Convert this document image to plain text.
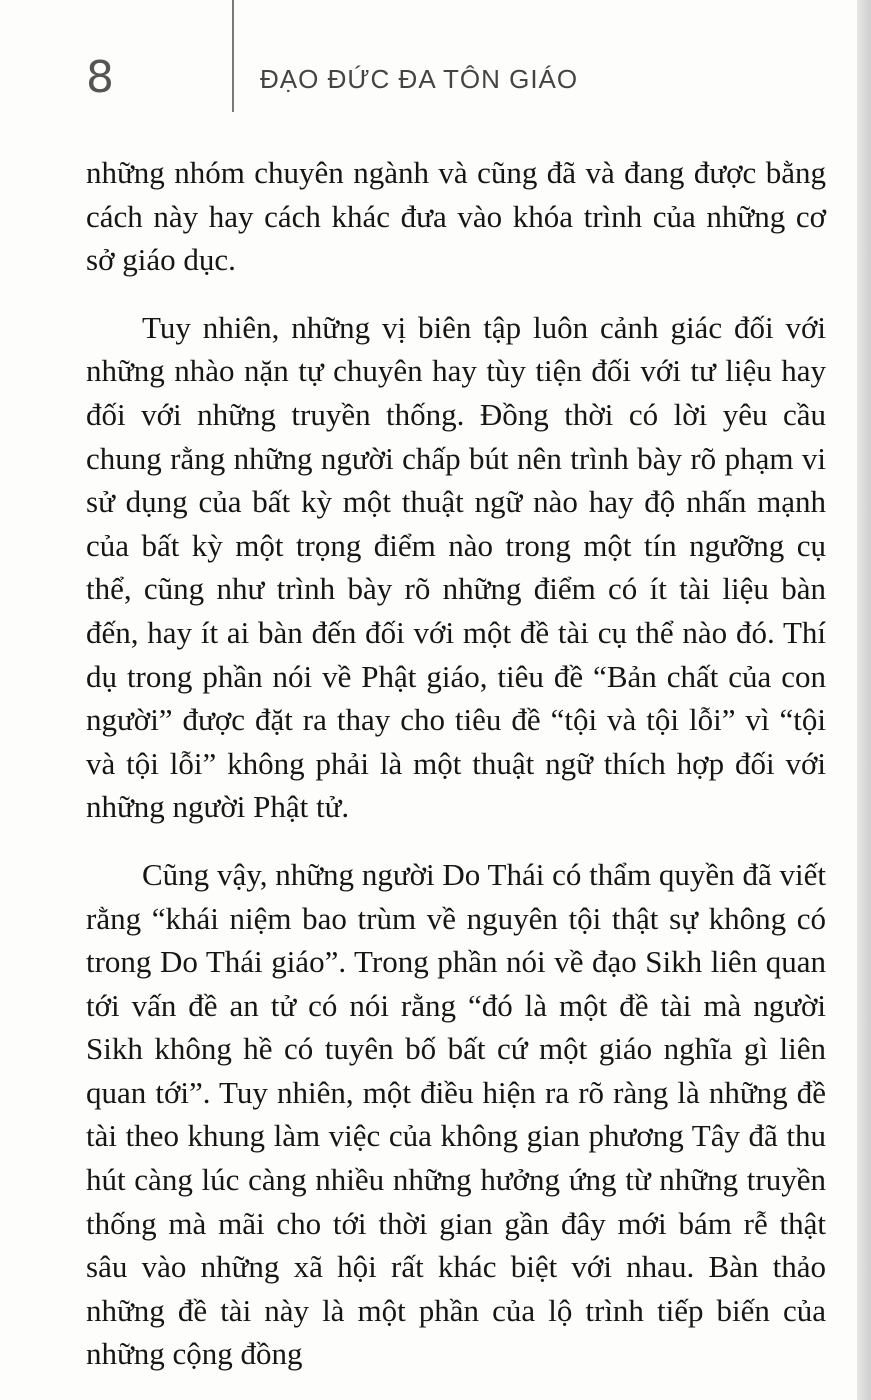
8	ĐẠO ĐỨC ĐA TÔN GIÁO

những nhóm chuyên ngành và cũng đã và đang được bằng cách này hay cách khác đưa vào khóa trình của những cơ sở giáo dục.

Tuy nhiên, những vị biên tập luôn cảnh giác đối với những nhào nặn tự chuyên hay tùy tiện đối với tư liệu hay đối với những truyền thống. Đồng thời có lời yêu cầu chung rằng những người chấp bút nên trình bày rõ phạm vi sử dụng của bất kỳ một thuật ngữ nào hay độ nhấn mạnh của bất kỳ một trọng điểm nào trong một tín ngưỡng cụ thể, cũng như trình bày rõ những điểm có ít tài liệu bàn đến, hay ít ai bàn đến đối với một đề tài cụ thể nào đó. Thí dụ trong phần nói về Phật giáo, tiêu đề “Bản chất của con người” được đặt ra thay cho tiêu đề “tội và tội lỗi” vì “tội và tội lỗi” không phải là một thuật ngữ thích hợp đối với những người Phật tử.

Cũng vậy, những người Do Thái có thẩm quyền đã viết rằng “khái niệm bao trùm về nguyên tội thật sự không có trong Do Thái giáo”. Trong phần nói về đạo Sikh liên quan tới vấn đề an tử có nói rằng “đó là một đề tài mà người Sikh không hề có tuyên bố bất cứ một giáo nghĩa gì liên quan tới”. Tuy nhiên, một điều hiện ra rõ ràng là những đề tài theo khung làm việc của không gian phương Tây đã thu hút càng lúc càng nhiều những hưởng ứng từ những truyền thống mà mãi cho tới thời gian gần đây mới bám rễ thật sâu vào những xã hội rất khác biệt với nhau. Bàn thảo những đề tài này là một phần của lộ trình tiếp biến của những cộng đồng
